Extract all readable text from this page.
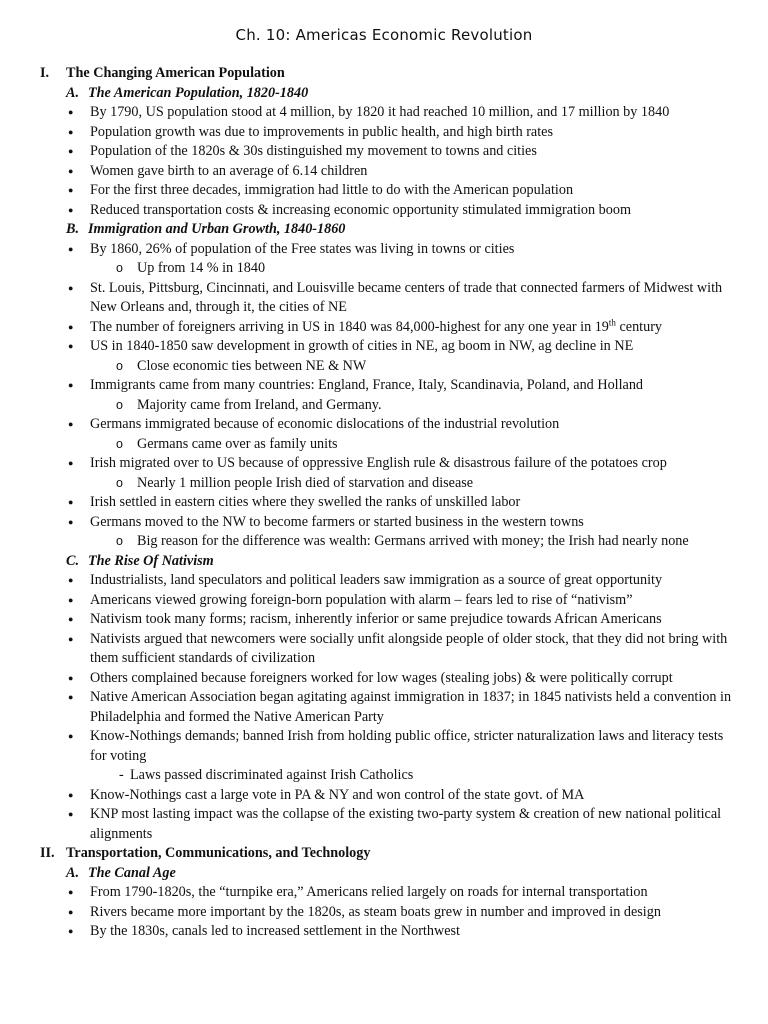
Ch. 10: Americas Economic Revolution
I. The Changing American Population
A. The American Population, 1820-1840
● By 1790, US population stood at 4 million, by 1820 it had reached 10 million, and 17 million by 1840
● Population growth was due to improvements in public health, and high birth rates
● Population of the 1820s & 30s distinguished my movement to towns and cities
● Women gave birth to an average of 6.14 children
● For the first three decades, immigration had little to do with the American population
● Reduced transportation costs & increasing economic opportunity stimulated immigration boom
B. Immigration and Urban Growth, 1840-1860
● By 1860, 26% of population of the Free states was living in towns or cities
o Up from 14 % in 1840
● St. Louis, Pittsburg, Cincinnati, and Louisville became centers of trade that connected farmers of Midwest with New Orleans and, through it, the cities of NE
● The number of foreigners arriving in US in 1840 was 84,000-highest for any one year in 19th century
● US in 1840-1850 saw development in growth of cities in NE, ag boom in NW, ag decline in NE
o Close economic ties between NE & NW
● Immigrants came from many countries: England, France, Italy, Scandinavia, Poland, and Holland
o Majority came from Ireland, and Germany.
● Germans immigrated because of economic dislocations of the industrial revolution
o Germans came over as family units
● Irish migrated over to US because of oppressive English rule & disastrous failure of the potatoes crop
o Nearly 1 million people Irish died of starvation and disease
● Irish settled in eastern cities where they swelled the ranks of unskilled labor
● Germans moved to the NW to become farmers or started business in the western towns
o Big reason for the difference was wealth: Germans arrived with money; the Irish had nearly none
C. The Rise Of Nativism
● Industrialists, land speculators and political leaders saw immigration as a source of great opportunity
● Americans viewed growing foreign-born population with alarm – fears led to rise of “nativism”
● Nativism took many forms; racism, inherently inferior or same prejudice towards African Americans
● Nativists argued that newcomers were socially unfit alongside people of older stock, that they did not bring with them sufficient standards of civilization
● Others complained because foreigners worked for low wages (stealing jobs) & were politically corrupt
● Native American Association began agitating against immigration in 1837; in 1845 nativists held a convention in Philadelphia and formed the Native American Party
● Know-Nothings demands; banned Irish from holding public office, stricter naturalization laws and literacy tests for voting
- Laws passed discriminated against Irish Catholics
● Know-Nothings cast a large vote in PA & NY and won control of the state govt. of MA
● KNP most lasting impact was the collapse of the existing two-party system & creation of new national political alignments
II. Transportation, Communications, and Technology
A. The Canal Age
● From 1790-1820s, the “turnpike era,” Americans relied largely on roads for internal transportation
● Rivers became more important by the 1820s, as steam boats grew in number and improved in design
● By the 1830s, canals led to increased settlement in the Northwest
